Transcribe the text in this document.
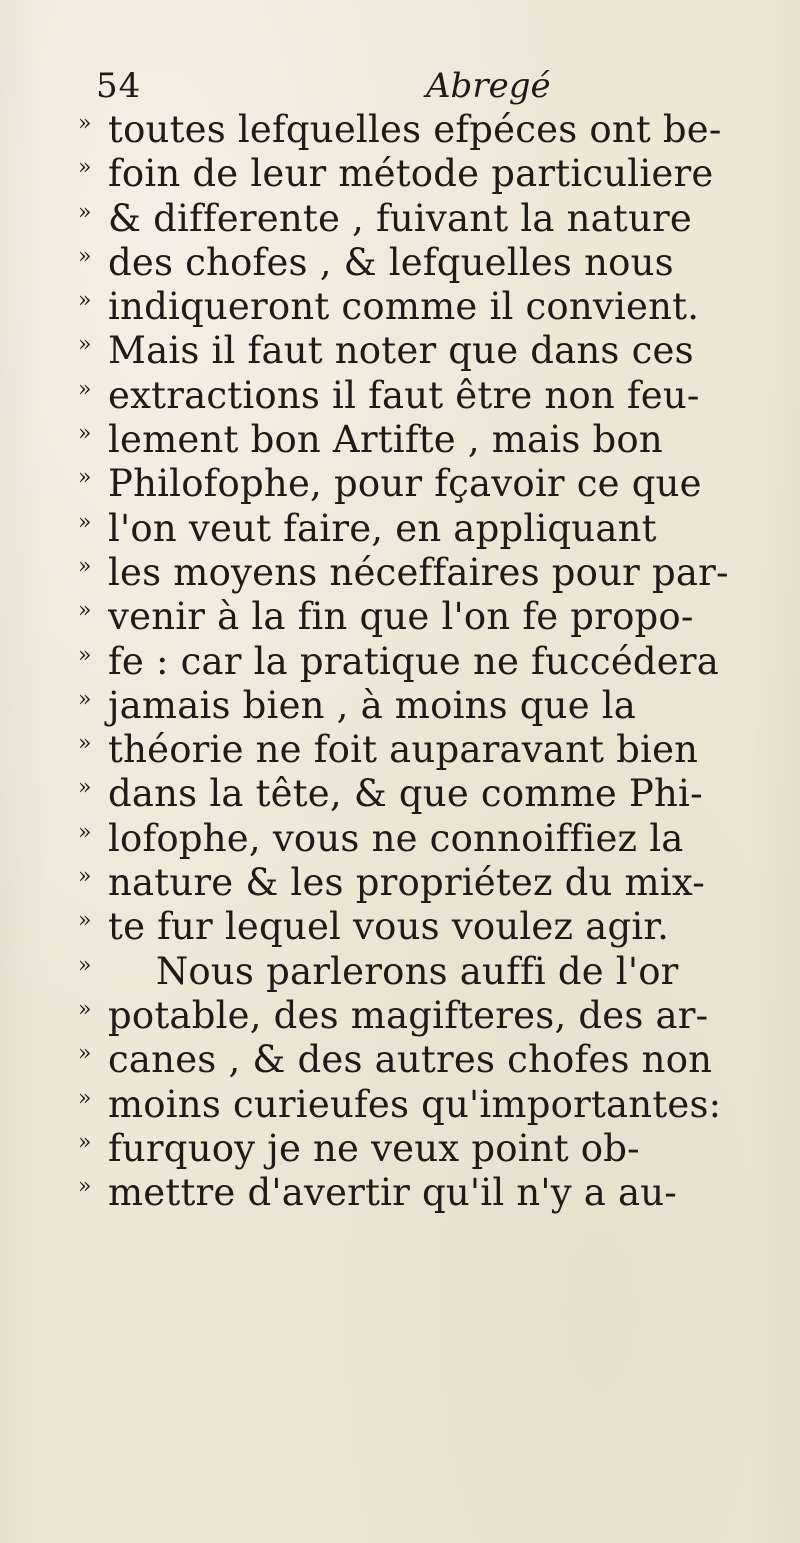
54	Abregé
» toutes lefquelles efpéces ont be-
» foin de leur métode particuliere
» & differente , fuivant la nature
» des chofes , & lefquelles nous
» indiqueront comme il convient.
» Mais il faut noter que dans ces
» extractions il faut être non feu-
» lement bon Artifte , mais bon
» Philofophe, pour fçavoir ce que
» l'on veut faire, en appliquant
» les moyens néceffaires pour par-
» venir à la fin que l'on fe propo-
» fe : car la pratique ne fuccédera
» jamais bien , à moins que la
» théorie ne foit auparavant bien
» dans la tête, & que comme Phi-
» lofophe, vous ne connoiffiez la
» nature & les propriétez du mix-
» te fur lequel vous voulez agir.
» Nous parlerons auffi de l'or
» potable, des magifteres, des ar-
» canes , & des autres chofes non
» moins curieufes qu'importantes:
» furquoy je ne veux point ob-
» mettre d'avertir qu'il n'y a au-
